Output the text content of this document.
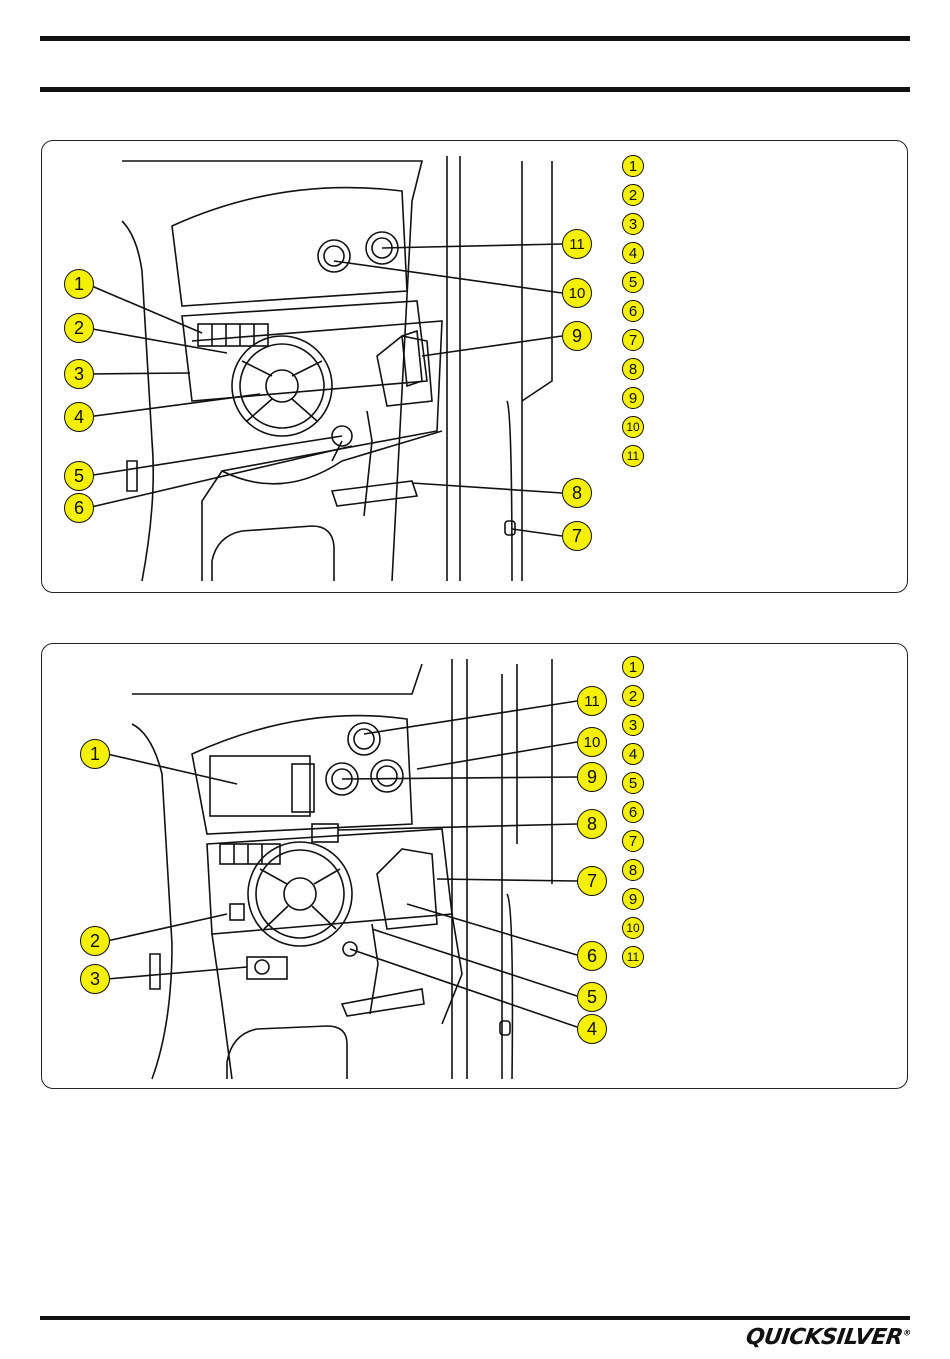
1
2
3
4
5
6
7
8
9
10
11
1
2
3
4
5
6
7
8
9
10
11
1
2
3
4
5
6
7
8
9
10
11
1
2
3
4
5
6
7
8
9
10
11
QUICKSILVER®
